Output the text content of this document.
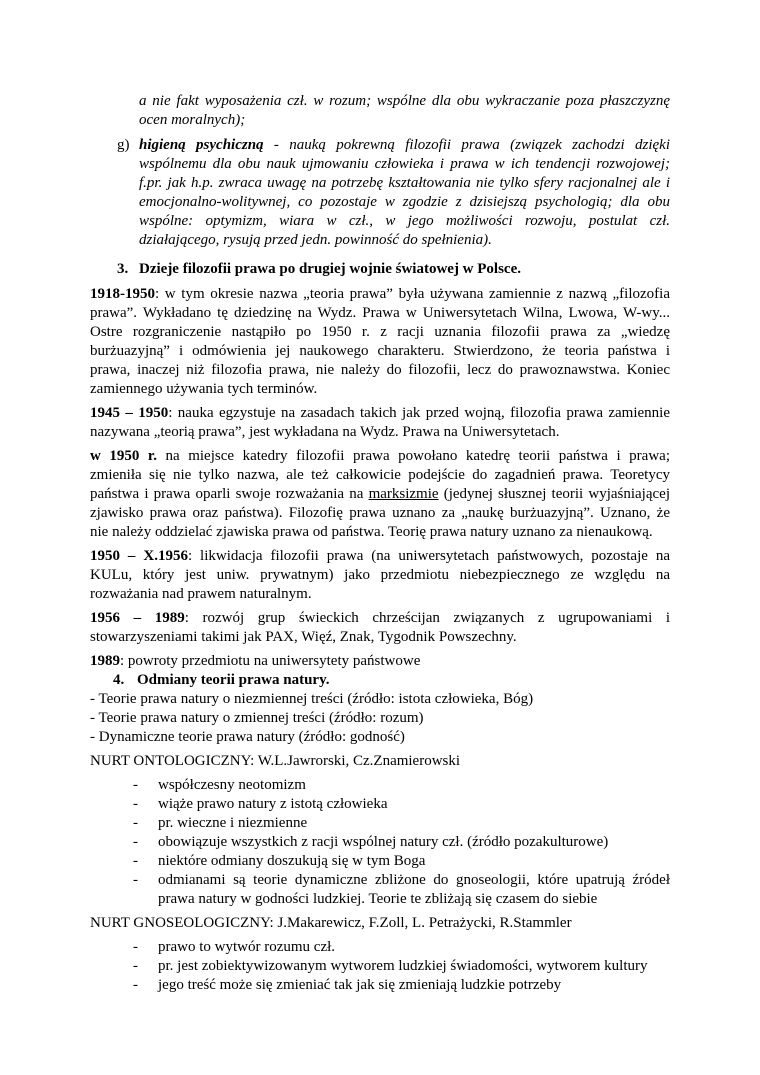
a nie fakt wyposażenia czł. w rozum; wspólne dla obu wykraczanie poza płaszczyznę
ocen moralnych);
g) higieną psychiczną - nauką pokrewną filozofii prawa (związek zachodzi dzięki
wspólnemu dla obu nauk ujmowaniu człowieka i prawa w ich tendencji rozwojowej;
f.pr. jak h.p. zwraca uwagę na potrzebę kształtowania nie tylko sfery racjonalnej ale i
emocjonalno-wolitywnej, co pozostaje w zgodzie z dzisiejszą psychologią; dla obu
wspólne: optymizm, wiara w czł., w jego możliwości rozwoju, postulat czł.
działającego, rysują przed jedn. powinność do spełnienia).
3. Dzieje filozofii prawa po drugiej wojnie światowej w Polsce.
1918-1950: w tym okresie nazwa „teoria prawa” była używana zamiennie z nazwą „filozofia
prawa”. Wykładano tę dziedzinę na Wydz. Prawa w Uniwersytetach Wilna, Lwowa, W-wy...
Ostre rozgraniczenie nastąpiło po 1950 r. z racji uznania filozofii prawa za „wiedzę
burżuazyjną” i odmówienia jej naukowego charakteru. Stwierdzono, że teoria państwa i
prawa, inaczej niż filozofia prawa, nie należy do filozofii, lecz do prawoznawstwa. Koniec
zamiennego używania tych terminów.
1945 – 1950: nauka egzystuje na zasadach takich jak przed wojną, filozofia prawa zamiennie
nazywana „teorią prawa”, jest wykładana na Wydz. Prawa na Uniwersytetach.
w 1950 r. na miejsce katedry filozofii prawa powołano katedrę teorii państwa i prawa;
zmieniła się nie tylko nazwa, ale też całkowicie podejście do zagadnień prawa. Teoretycy
państwa i prawa oparli swoje rozważania na marksizmie (jedynej słusznej teorii wyjaśniającej
zjawisko prawa oraz państwa). Filozofię prawa uznano za „naukę burżuazyjną”. Uznano, że
nie należy oddzielać zjawiska prawa od państwa. Teorię prawa natury uznano za nienaukową.
1950 – X.1956: likwidacja filozofii prawa (na uniwersytetach państwowych, pozostaje na
KULu, który jest uniw. prywatnym) jako przedmiotu niebezpiecznego ze względu na
rozważania nad prawem naturalnym.
1956 – 1989: rozwój grup świeckich chrześcijan związanych z ugrupowaniami i
stowarzyszeniami takimi jak PAX, Więź, Znak, Tygodnik Powszechny.
1989: powroty przedmiotu na uniwersytety państwowe
4. Odmiany teorii prawa natury.
- Teorie prawa natury o niezmiennej treści (źródło: istota człowieka, Bóg)
- Teorie prawa natury o zmiennej treści (źródło: rozum)
- Dynamiczne teorie prawa natury (źródło: godność)
NURT ONTOLOGICZNY: W.L.Jawrorski, Cz.Znamierowski
- współczesny neotomizm
- wiąże prawo natury z istotą człowieka
- pr. wieczne i niezmienne
- obowiązuje wszystkich z racji wspólnej natury czł. (źródło pozakulturowe)
- niektóre odmiany doszukują się w tym Boga
- odmianami są teorie dynamiczne zbliżone do gnoseologii, które upatrują źródeł
prawa natury w godności ludzkiej. Teorie te zbliżają się czasem do siebie
NURT GNOSEOLOGICZNY: J.Makarewicz, F.Zoll, L. Petrażycki, R.Stammler
- prawo to wytwór rozumu czł.
- pr. jest zobiektywizowanym wytworem ludzkiej świadomości, wytworem kultury
- jego treść może się zmieniać tak jak się zmieniają ludzkie potrzeby
